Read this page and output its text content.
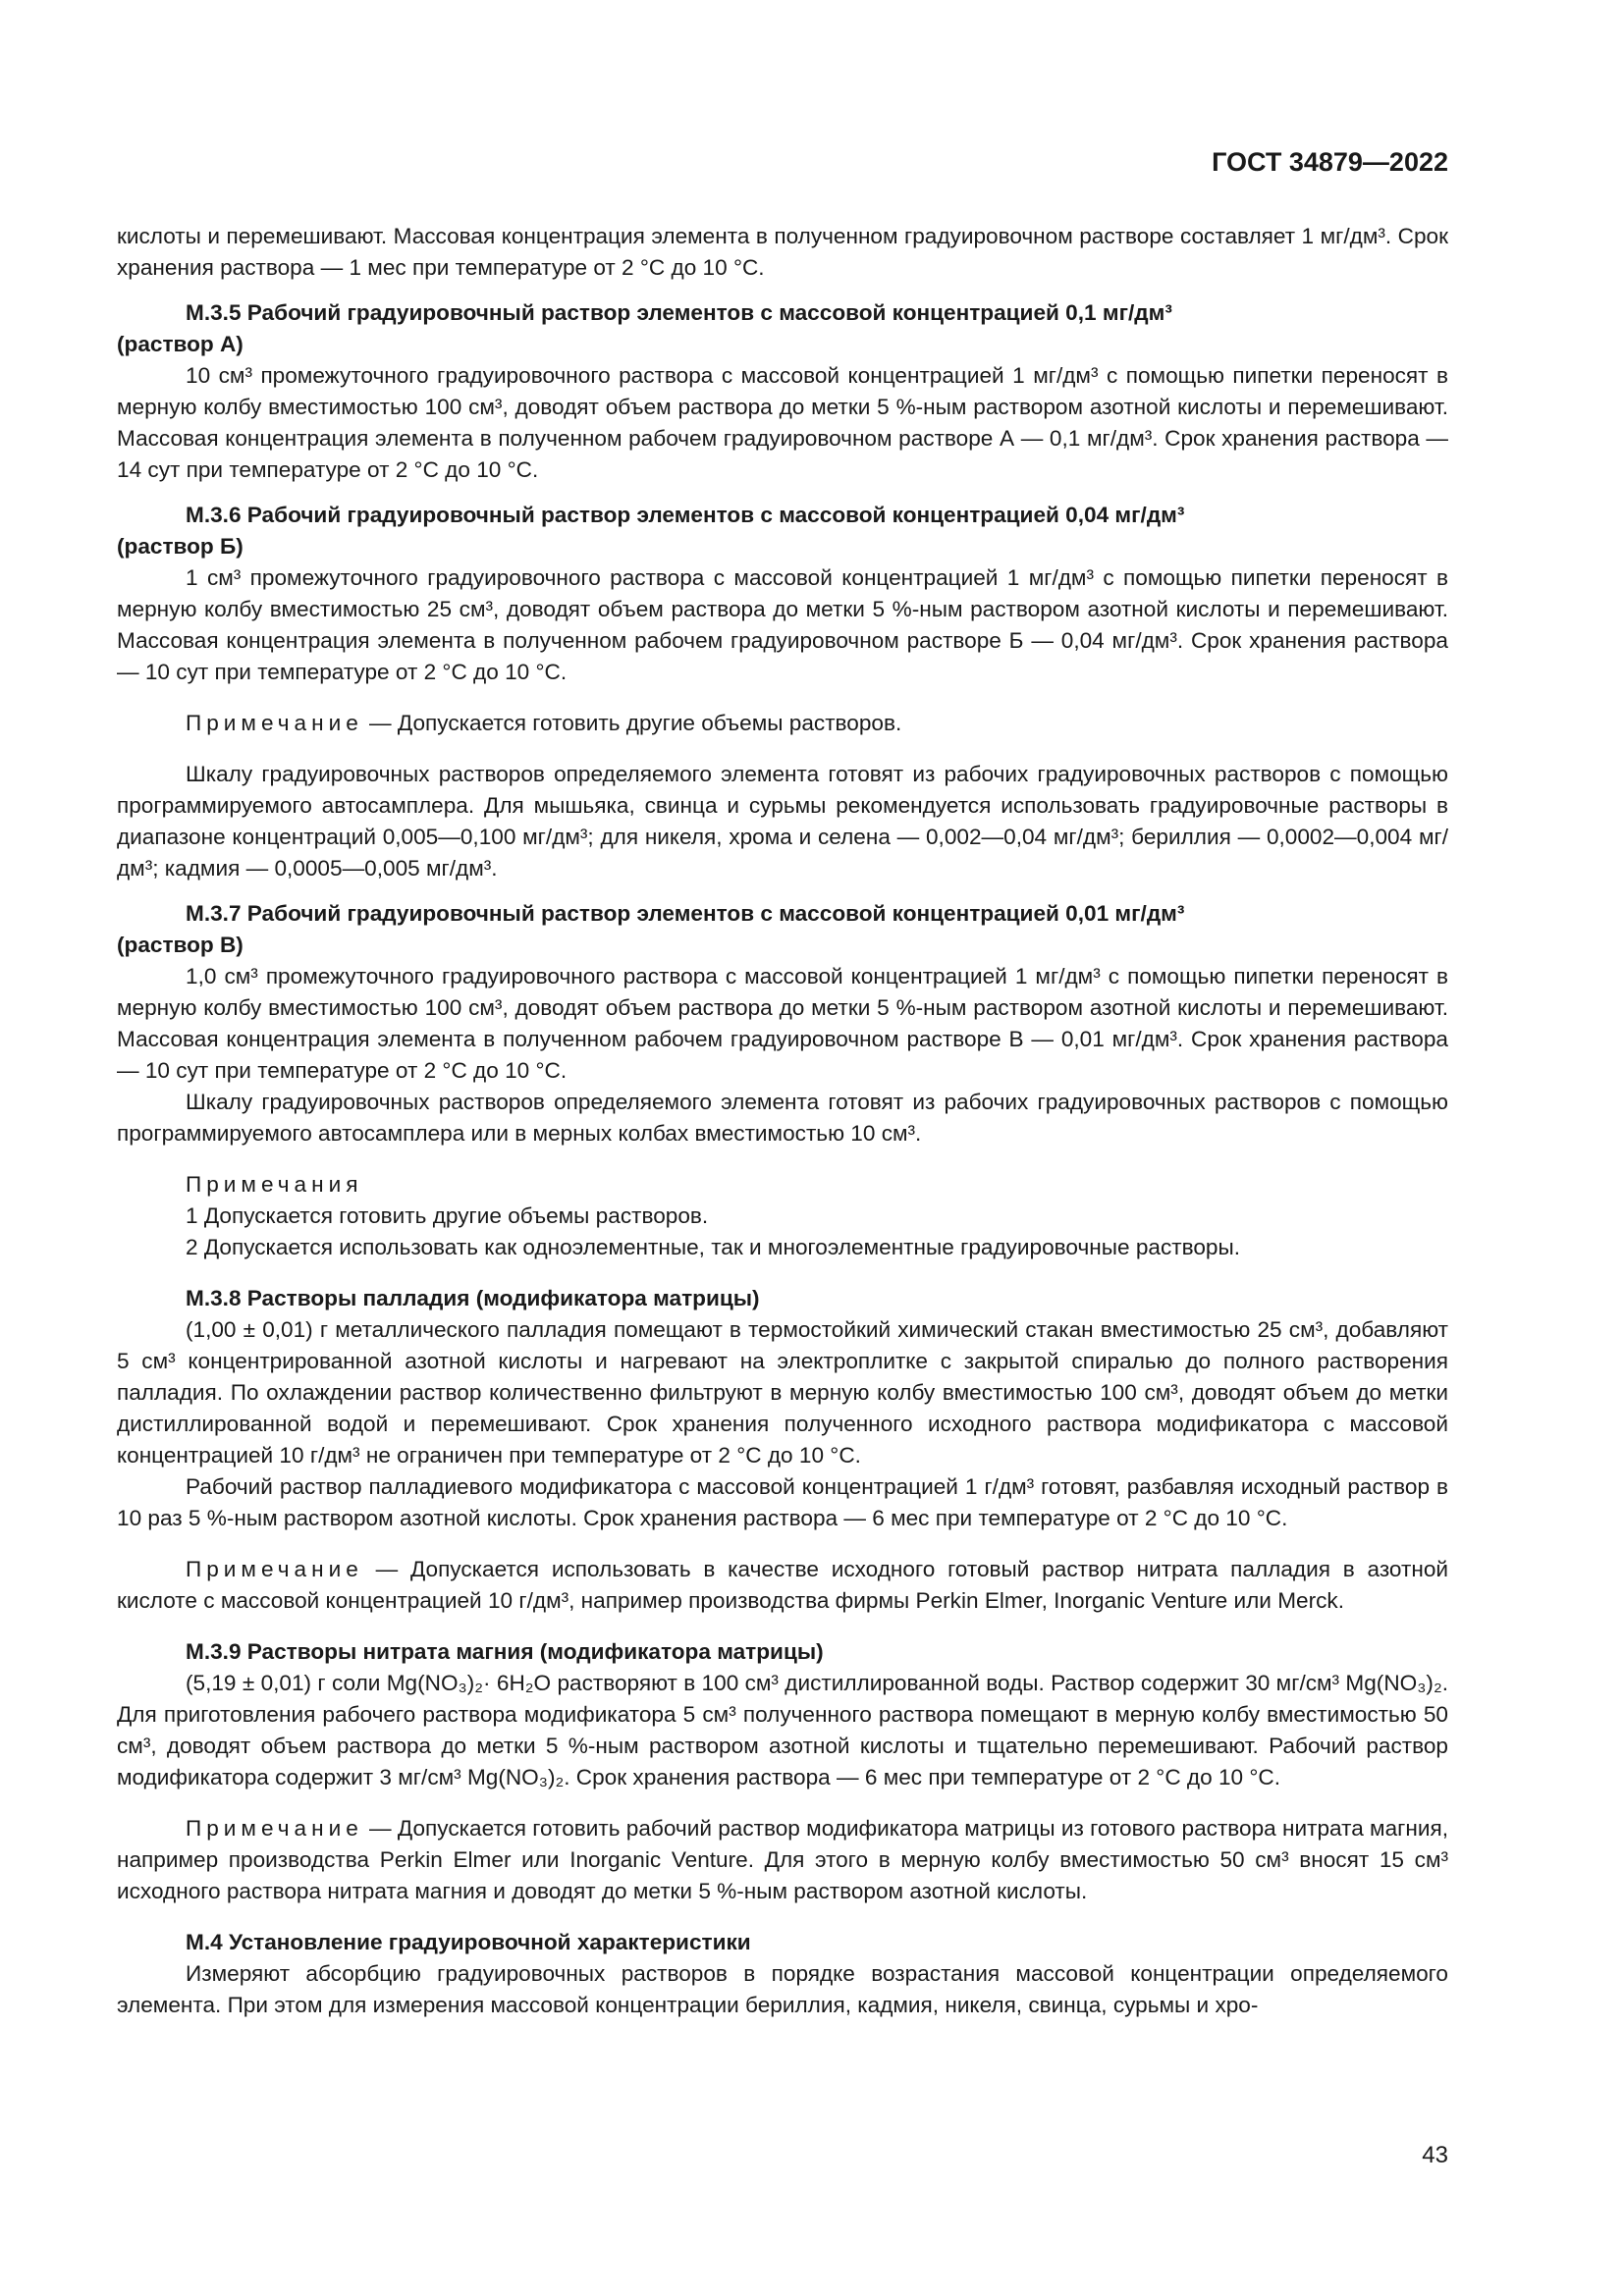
ГОСТ 34879—2022

кислоты и перемешивают. Массовая концентрация элемента в полученном градуировочном растворе составляет 1 мг/дм³. Срок хранения раствора — 1 мес при температуре от 2 °С до 10 °С.

М.3.5 Рабочий градуировочный раствор элементов с массовой концентрацией 0,1 мг/дм³

(раствор А)

10 см³ промежуточного градуировочного раствора с массовой концентрацией 1 мг/дм³ с помощью пипетки переносят в мерную колбу вместимостью 100 см³, доводят объем раствора до метки 5 %-ным раствором азотной кислоты и перемешивают. Массовая концентрация элемента в полученном рабочем градуировочном растворе А — 0,1 мг/дм³. Срок хранения раствора — 14 сут при температуре от 2 °С до 10 °С.

М.3.6 Рабочий градуировочный раствор элементов с массовой концентрацией 0,04 мг/дм³

(раствор Б)

1 см³ промежуточного градуировочного раствора с массовой концентрацией 1 мг/дм³ с помощью пипетки переносят в мерную колбу вместимостью 25 см³, доводят объем раствора до метки 5 %-ным раствором азотной кислоты и перемешивают. Массовая концентрация элемента в полученном рабочем градуировочном растворе Б — 0,04 мг/дм³. Срок хранения раствора — 10 сут при температуре от 2 °С до 10 °С.

Примечание — Допускается готовить другие объемы растворов.

Шкалу градуировочных растворов определяемого элемента готовят из рабочих градуировочных растворов с помощью программируемого автосамплера. Для мышьяка, свинца и сурьмы рекомендуется использовать градуировочные растворы в диапазоне концентраций 0,005—0,100 мг/дм³; для никеля, хрома и селена — 0,002—0,04 мг/дм³; бериллия — 0,0002—0,004 мг/дм³; кадмия — 0,0005—0,005 мг/дм³.

М.3.7 Рабочий градуировочный раствор элементов с массовой концентрацией 0,01 мг/дм³

(раствор В)

1,0 см³ промежуточного градуировочного раствора с массовой концентрацией 1 мг/дм³ с помощью пипетки переносят в мерную колбу вместимостью 100 см³, доводят объем раствора до метки 5 %-ным раствором азотной кислоты и перемешивают. Массовая концентрация элемента в полученном рабочем градуировочном растворе В — 0,01 мг/дм³. Срок хранения раствора — 10 сут при температуре от 2 °С до 10 °С.

Шкалу градуировочных растворов определяемого элемента готовят из рабочих градуировочных растворов с помощью программируемого автосамплера или в мерных колбах вместимостью 10 см³.

Примечания

1 Допускается готовить другие объемы растворов.

2 Допускается использовать как одноэлементные, так и многоэлементные градуировочные растворы.

М.3.8 Растворы палладия (модификатора матрицы)

(1,00 ± 0,01) г металлического палладия помещают в термостойкий химический стакан вместимостью 25 см³, добавляют 5 см³ концентрированной азотной кислоты и нагревают на электроплитке с закрытой спиралью до полного растворения палладия. По охлаждении раствор количественно фильтруют в мерную колбу вместимостью 100 см³, доводят объем до метки дистиллированной водой и перемешивают. Срок хранения полученного исходного раствора модификатора с массовой концентрацией 10 г/дм³ не ограничен при температуре от 2 °С до 10 °С.

Рабочий раствор палладиевого модификатора с массовой концентрацией 1 г/дм³ готовят, разбавляя исходный раствор в 10 раз 5 %-ным раствором азотной кислоты. Срок хранения раствора — 6 мес при температуре от 2 °С до 10 °С.

Примечание — Допускается использовать в качестве исходного готовый раствор нитрата палладия в азотной кислоте с массовой концентрацией 10 г/дм³, например производства фирмы Perkin Elmer, Inorganic Venture или Merck.

М.3.9 Растворы нитрата магния (модификатора матрицы)

(5,19 ± 0,01) г соли Mg(NO₃)₂· 6H₂O растворяют в 100 см³ дистиллированной воды. Раствор содержит 30 мг/см³ Mg(NO₃)₂. Для приготовления рабочего раствора модификатора 5 см³ полученного раствора помещают в мерную колбу вместимостью 50 см³, доводят объем раствора до метки 5 %-ным раствором азотной кислоты и тщательно перемешивают. Рабочий раствор модификатора содержит 3 мг/см³ Mg(NO₃)₂. Срок хранения раствора — 6 мес при температуре от 2 °С до 10 °С.

Примечание — Допускается готовить рабочий раствор модификатора матрицы из готового раствора нитрата магния, например производства Perkin Elmer или Inorganic Venture. Для этого в мерную колбу вместимостью 50 см³ вносят 15 см³ исходного раствора нитрата магния и доводят до метки 5 %-ным раствором азотной кислоты.

М.4 Установление градуировочной характеристики

Измеряют абсорбцию градуировочных растворов в порядке возрастания массовой концентрации определяемого элемента. При этом для измерения массовой концентрации бериллия, кадмия, никеля, свинца, сурьмы и хро-

43
